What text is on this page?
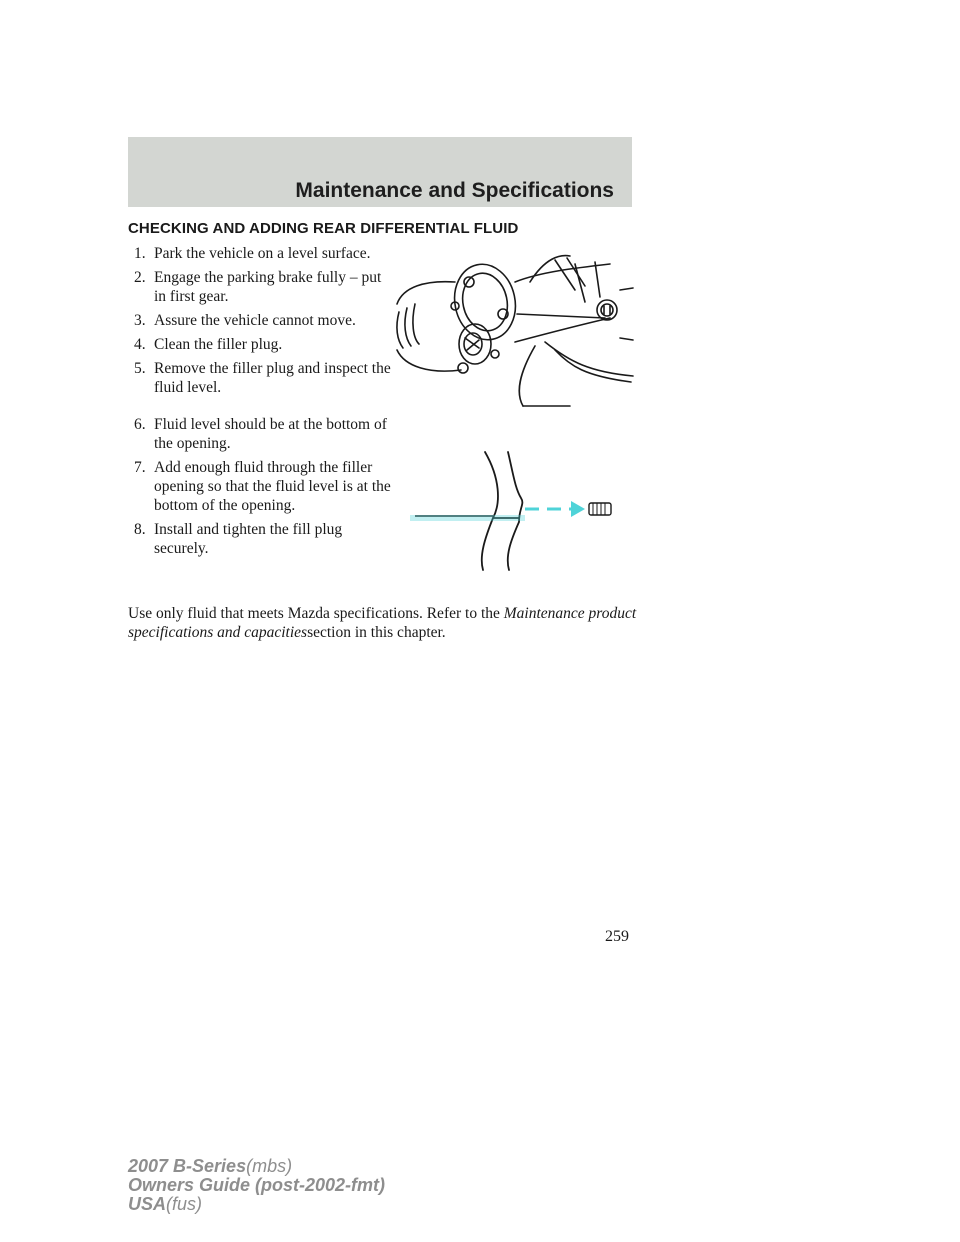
Maintenance and Specifications
CHECKING AND ADDING REAR DIFFERENTIAL FLUID
1. Park the vehicle on a level surface.
2. Engage the parking brake fully – put in first gear.
3. Assure the vehicle cannot move.
4. Clean the filler plug.
5. Remove the filler plug and inspect the fluid level.
6. Fluid level should be at the bottom of the opening.
7. Add enough fluid through the filler opening so that the fluid level is at the bottom of the opening.
8. Install and tighten the fill plug securely.
Use only fluid that meets Mazda specifications. Refer to the Maintenance product specifications and capacitiessection in this chapter.
259
2007 B-Series(mbs)
Owners Guide (post-2002-fmt)
USA(fus)
